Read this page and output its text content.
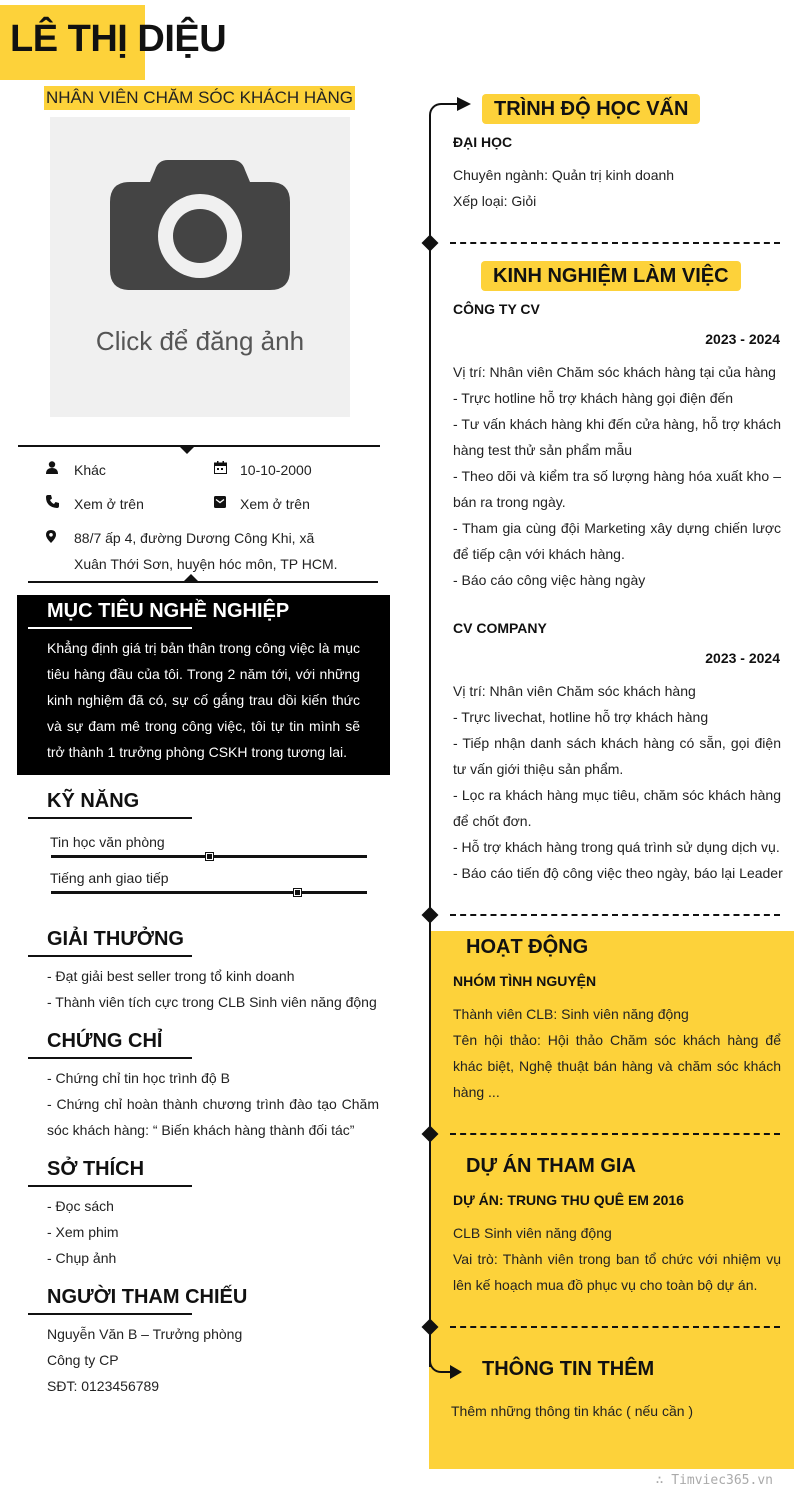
LÊ THỊ DIỆU
NHÂN VIÊN CHĂM SÓC KHÁCH HÀNG
Click để đăng ảnh
Khác	10-10-2000
Xem ở trên	Xem ở trên
88/7 ấp 4, đường Dương Công Khi, xã
Xuân Thới Sơn, huyện hóc môn, TP HCM.
MỤC TIÊU NGHỀ NGHIỆP
Khẳng định giá trị bản thân trong công việc là mục tiêu hàng đầu của tôi. Trong 2 năm tới, với những kinh nghiệm đã có, sự cố gắng trau dồi kiến thức và sự đam mê trong công việc, tôi tự tin mình sẽ trở thành 1 trưởng phòng CSKH trong tương lai.
KỸ NĂNG
Tin học văn phòng
Tiếng anh giao tiếp
GIẢI THƯỞNG
- Đạt giải best seller trong tổ kinh doanh
- Thành viên tích cực trong CLB Sinh viên năng động
CHỨNG CHỈ
- Chứng chỉ tin học trình độ B
- Chứng chỉ hoàn thành chương trình đào tạo Chăm sóc khách hàng: “ Biến khách hàng thành đối tác”
SỞ THÍCH
- Đọc sách
- Xem phim
- Chụp ảnh
NGƯỜI THAM CHIẾU
Nguyễn Văn B – Trưởng phòng
Công ty CP
SĐT: 0123456789
TRÌNH ĐỘ HỌC VẤN
ĐẠI HỌC
Chuyên ngành: Quản trị kinh doanh
Xếp loại: Giỏi
KINH NGHIỆM LÀM VIỆC
CÔNG TY CV
2023 - 2024
Vị trí: Nhân viên Chăm sóc khách hàng tại của hàng
- Trực hotline hỗ trợ khách hàng gọi điện đến
- Tư vấn khách hàng khi đến cửa hàng, hỗ trợ khách hàng test thử sản phẩm mẫu
- Theo dõi và kiểm tra số lượng hàng hóa xuất kho – bán ra trong ngày.
- Tham gia cùng đội Marketing xây dựng chiến lược để tiếp cận với khách hàng.
- Báo cáo công việc hàng ngày
CV COMPANY
2023 - 2024
Vị trí: Nhân viên Chăm sóc khách hàng
- Trực livechat, hotline hỗ trợ khách hàng
- Tiếp nhận danh sách khách hàng có sẵn, gọi điện tư vấn giới thiệu sản phẩm.
- Lọc ra khách hàng mục tiêu, chăm sóc khách hàng để chốt đơn.
- Hỗ trợ khách hàng trong quá trình sử dụng dịch vụ.
- Báo cáo tiến độ công việc theo ngày, báo lại Leader
HOẠT ĐỘNG
NHÓM TÌNH NGUYỆN
Thành viên CLB: Sinh viên năng động
Tên hội thảo: Hội thảo Chăm sóc khách hàng để khác biệt, Nghệ thuật bán hàng và chăm sóc khách hàng ...
DỰ ÁN THAM GIA
DỰ ÁN: TRUNG THU QUÊ EM 2016
CLB Sinh viên năng động
Vai trò: Thành viên trong ban tổ chức với nhiệm vụ lên kế hoạch mua đồ phục vụ cho toàn bộ dự án.
THÔNG TIN THÊM
Thêm những thông tin khác ( nếu cần )
∴ Timviec365.vn
